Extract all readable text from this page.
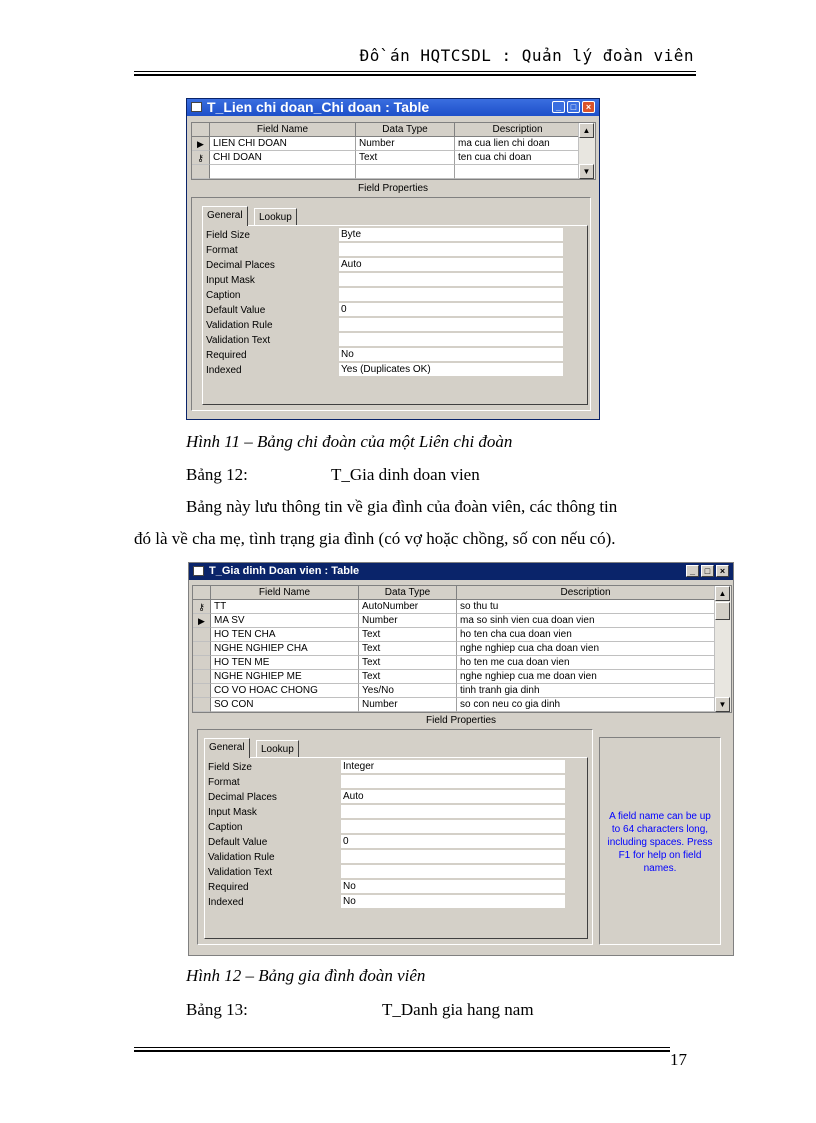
Đồ án HQTCSDL : Quản lý đoàn viên
T_Lien chi doan_Chi doan : Table	_	□	×
Field Name	Data Type	Description
▶ LIEN CHI DOAN	Number	ma cua lien chi doan
⚷ CHI DOAN	Text	ten cua chi doan
▲
▼
Field Properties
General	Lookup
Field Size	Byte
Format
Decimal Places	Auto
Input Mask
Caption
Default Value	0
Validation Rule
Validation Text
Required	No
Indexed	Yes (Duplicates OK)
Hình 11 – Bảng chi đoàn của một Liên chi đoàn
Bảng 12:	T_Gia dinh doan vien
Bảng này lưu thông tin về gia đình của đoàn viên, các thông tin
đó là về cha mẹ, tình trạng gia đình (có vợ hoặc chồng, số con nếu có).
T_Gia dinh Doan vien : Table	_	□	×
Field Name	Data Type	Description
⚷ TT	AutoNumber	so thu tu
▶ MA SV	Number	ma so sinh vien cua doan vien
HO TEN CHA	Text	ho ten cha cua doan vien
NGHE NGHIEP CHA	Text	nghe nghiep cua cha doan vien
HO TEN ME	Text	ho ten me cua doan vien
NGHE NGHIEP ME	Text	nghe nghiep cua me doan vien
CO VO HOAC CHONG	Yes/No	tinh tranh gia dinh
SO CON	Number	so con neu co gia dinh
▲
▼
Field Properties
General	Lookup
Field Size	Integer
Format
Decimal Places	Auto
Input Mask
Caption
Default Value	0
Validation Rule
Validation Text
Required	No
Indexed	No
A field name can be up to 64 characters long, including spaces. Press F1 for help on field names.
Hình 12 – Bảng gia đình đoàn viên
Bảng 13:	T_Danh gia hang nam
17
